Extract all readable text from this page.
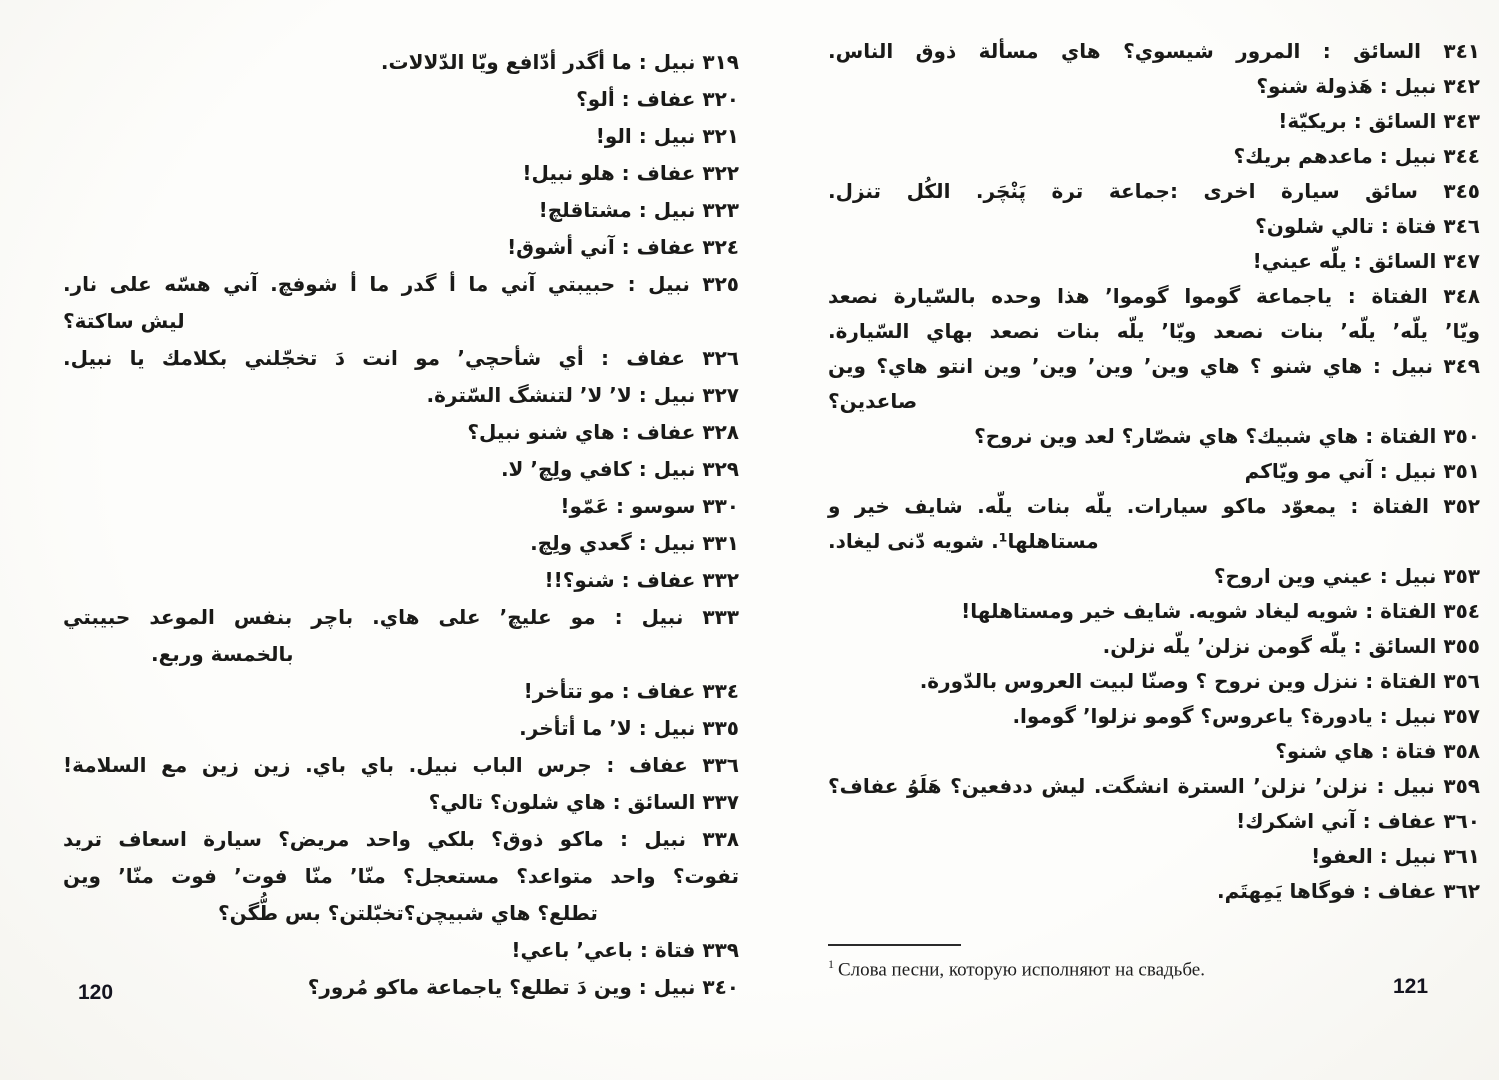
٣١٩ نبيل : ما أگدر أدّافع ويّا الدّلالات.

٣٢٠ عفاف : ألو؟

٣٢١ نبيل : الو!

٣٢٢ عفاف : هلو نبيل!

٣٢٣ نبيل : مشتاقلچ!

٣٢٤ عفاف : آني أشوق!

٣٢٥ نبيل : حبيبتي آني ما أ گدر ما أ شوفچ. آني هسّه على نار.
ليش ساكتة؟

٣٢٦ عفاف : أي شأحچي’ مو انت دَ تخجّلني بكلامك يا نبيل.

٣٢٧ نبيل : لا’ لا’ لتنشگ السّترة.

٣٢٨ عفاف : هاي شنو نبيل؟

٣٢٩ نبيل : كافي ولِچ’ لا.

٣٣٠ سوسو : عَمّو!

٣٣١ نبيل : گعدي ولِچ.

٣٣٢ عفاف : شنو؟!!

٣٣٣ نبيل : مو عليچ’ على هاي. باچر بنفس الموعد حبيبتي
بالخمسة وربع.

٣٣٤ عفاف : مو تتأخر!

٣٣٥ نبيل : لا’ ما أتأخر.

٣٣٦ عفاف : جرس الباب نبيل. باي باي. زين زين مع السلامة!

٣٣٧ السائق : هاي شلون؟ تالي؟

٣٣٨ نبيل : ماكو ذوق؟ بلكي واحد مريض؟ سيارة اسعاف تريد
تفوت؟ واحد متواعد؟ مستعجل؟ منّا’ منّا فوت’ فوت منّا’ وين
تطلع؟ هاي شبيچن؟تخبّلتن؟ بس طُّگن؟

٣٣٩ فتاة : باعي’ باعي!

٣٤٠ نبيل : وين دَ تطلع؟ ياجماعة ماكو مُرور؟

٣٤١ السائق : المرور شيسوي؟ هاي مسألة ذوق الناس.

٣٤٢ نبيل : هَذولة شنو؟

٣٤٣ السائق : بريكيّة!

٣٤٤ نبيل : ماعدهم بريك؟

٣٤٥ سائق سيارة اخرى :جماعة ترة پَنْچَر. الكُل تنزل.

٣٤٦ فتاة : تالي شلون؟

٣٤٧ السائق : يلّه عيني!

٣٤٨ الفتاة : ياجماعة گوموا گوموا’ هذا وحده بالسّيارة نصعد
ويّا’ يلّه’ يلّه’ بنات نصعد ويّا’ يلّه بنات نصعد بهاي السّيارة.

٣٤٩ نبيل : هاي شنو ؟ هاي وين’ وين’ وين’ وين انتو هاي؟ وين
صاعدين؟

٣٥٠ الفتاة : هاي شبيك؟ هاي شصّار؟ لعد وين نروح؟

٣٥١ نبيل : آني مو ويّاكم

٣٥٢ الفتاة : يمعوّد ماكو سيارات. يلّه بنات يلّه. شايف خير و
مستاهلها¹. شويه دّنى ليغاد.

٣٥٣ نبيل : عيني وين اروح؟

٣٥٤ الفتاة : شويه ليغاد شويه. شايف خير ومستاهلها!

٣٥٥ السائق : يلّه گومن نزلن’ يلّه نزلن.

٣٥٦ الفتاة : ننزل وين نروح ؟ وصنّا لبيت العروس بالدّورة.

٣٥٧ نبيل : يادورة؟ ياعروس؟ گومو نزلوا’ گوموا.

٣٥٨ فتاة : هاي شنو؟

٣٥٩ نبيل : نزلن’ نزلن’ السترة انشگت. ليش ددفعين؟ هَلَوُ عفاف؟

٣٦٠ عفاف : آني اشكرك!

٣٦١ نبيل : العفو!

٣٦٢ عفاف : فوگاها يَمِهتَم.

$^1$ Слова песни, которую исполняют на свадьбе.
120	121
